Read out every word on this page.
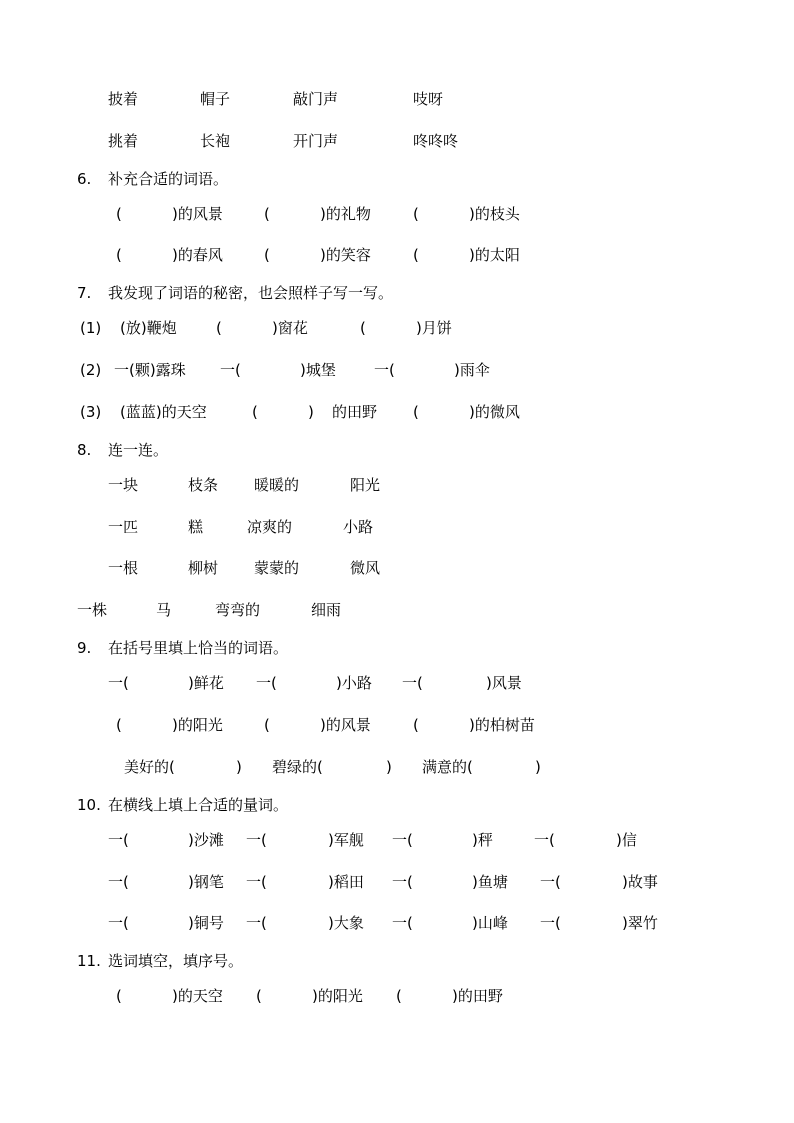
披着	帽子	敲门声	吱呀
挑着	长袍	开门声	咚咚咚
6. 补充合适的词语。
(	)的风景	(	)的礼物	(	)的枝头
(	)的春风	(	)的笑容	(	)的太阳
7. 我发现了词语的秘密，也会照样子写一写。
(1) (放)鞭炮	(	)窗花	(	)月饼
(2) 一(颗)露珠 一(	)城堡	一(	)雨伞
(3) (蓝蓝)的天空	(	) 的田野 (	)的微风
8. 连一连。
一块	枝条 暖暖的	阳光
一匹	糕	凉爽的	小路
一根	柳树 蒙蒙的	微风
一株	马	弯弯的	细雨
9. 在括号里填上恰当的词语。
一(	)鲜花 一(	)小路 一(	)风景
(	)的阳光	(	)的风景	(	)的柏树苗
美好的(	) 碧绿的(	) 满意的(	)
10. 在横线上填上合适的量词。
一(	)沙滩 一(	)军舰 一(	)秤	一(	)信
一(	)钢笔 一(	)稻田 一(	)鱼塘 一(	)故事
一(	)铜号 一(	)大象 一(	)山峰 一(	)翠竹
11. 选词填空，填序号。
(	)的天空 (	)的阳光 (	)的田野
